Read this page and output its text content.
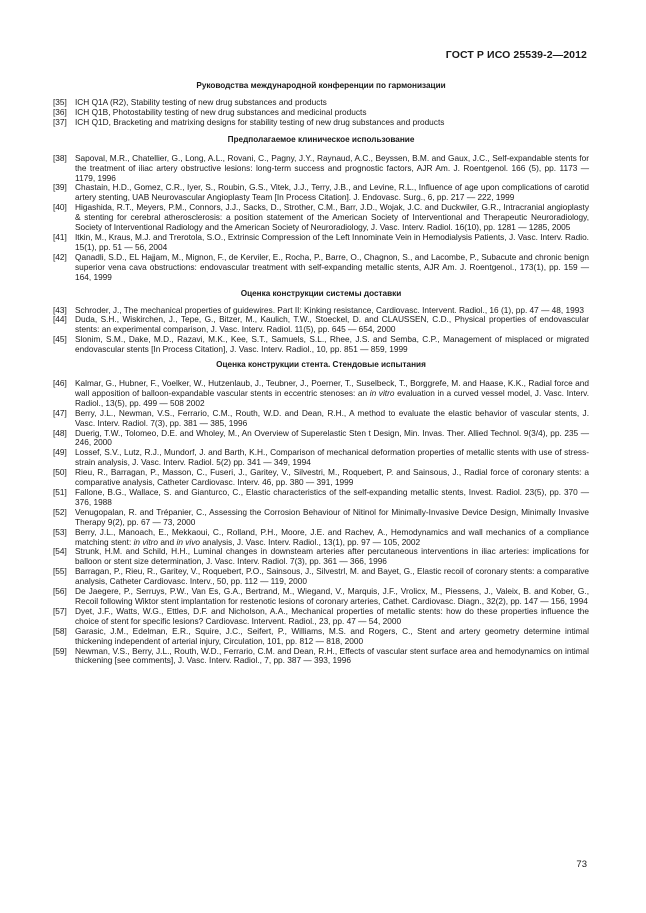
ГОСТ Р ИСО 25539-2—2012

Руководства международной конференции по гармонизации

[35] ICH Q1A (R2), Stability testing of new drug substances and products
[36] ICH Q1B, Photostability testing of new drug substances and medicinal products
[37] ICH Q1D, Bracketing and matrixing designs for stability testing of new drug substances and products

Предполагаемое клиническое использование

[38] Sapoval, M.R., Chatellier, G., Long, A.L., Rovani, C., Pagny, J.Y., Raynaud, A.C., Beyssen, B.M. and Gaux, J.C., Self-expandable stents for the treatment of iliac artery obstructive lesions: long-term success and prognostic factors, AJR Am. J. Roentgenol. 166 (5), pp. 1173 — 1179, 1996
[39] Chastain, H.D., Gomez, C.R., Iyer, S., Roubin, G.S., Vitek, J.J., Terry, J.B., and Levine, R.L., Influence of age upon complications of carotid artery stenting, UAB Neurovascular Angioplasty Team [In Process Citation]. J. Endovasc. Surg., 6, pp. 217 — 222, 1999
[40] Higashida, R.T., Meyers, P.M., Connors, J.J., Sacks, D., Strother, C.M., Barr, J.D., Wojak, J.C. and Duckwiler, G.R., Intracranial angioplasty & stenting for cerebral atherosclerosis: a position statement of the American Society of Interventional and Therapeutic Neuroradiology, Society of Interventional Radiology and the American Society of Neuroradiology, J. Vasc. Interv. Radiol. 16(10), pp. 1281 — 1285, 2005
[41] Itkin, M., Kraus, M.J. and Trerotola, S.O., Extrinsic Compression of the Left Innominate Vein in Hemodialysis Patients, J. Vasc. Interv. Radio. 15(1), pp. 51 — 56, 2004
[42] Qanadli, S.D., EL Hajjam, M., Mignon, F., de Kerviler, E., Rocha, P., Barre, O., Chagnon, S., and Lacombe, P., Subacute and chronic benign superior vena cava obstructions: endovascular treatment with self-expanding metallic stents, AJR Am. J. Roentgenol., 173(1), pp. 159 — 164, 1999

Оценка конструкции системы доставки

[43] Schroder, J., The mechanical properties of guidewires. Part II: Kinking resistance, Cardiovasc. Intervent. Radiol., 16 (1), pp. 47 — 48, 1993
[44] Duda, S.H., Wiskirchen, J., Tepe, G., Bitzer, M., Kaulich, T.W., Stoeckel, D. and CLAUSSEN, C.D., Physical properties of endovascular stents: an experimental comparison, J. Vasc. Interv. Radiol. 11(5), pp. 645 — 654, 2000
[45] Slonim, S.M., Dake, M.D., Razavi, M.K., Kee, S.T., Samuels, S.L., Rhee, J.S. and Semba, C.P., Management of misplaced or migrated endovascular stents [In Process Citation], J. Vasc. Interv. Radiol., 10, pp. 851 — 859, 1999

Оценка конструкции стента. Стендовые испытания

[46] Kalmar, G., Hubner, F., Voelker, W., Hutzenlaub, J., Teubner, J., Poerner, T., Suselbeck, T., Borggrefe, M. and Haase, K.K., Radial force and wall apposition of balloon-expandable vascular stents in eccentric stenoses: an in vitro evaluation in a curved vessel model, J. Vasc. Interv. Radiol., 13(5), pp. 499 — 508 2002
[47] Berry, J.L., Newman, V.S., Ferrario, C.M., Routh, W.D. and Dean, R.H., A method to evaluate the elastic behavior of vascular stents, J. Vasc. Interv. Radiol. 7(3), pp. 381 — 385, 1996
[48] Duerig, T.W., Tolomeo, D.E. and Wholey, M., An Overview of Superelastic Sten t Design, Min. Invas. Ther. Allied Technol. 9(3/4), pp. 235 — 246, 2000
[49] Lossef, S.V., Lutz, R.J., Mundorf, J. and Barth, K.H., Comparison of mechanical deformation properties of metallic stents with use of stress-strain analysis, J. Vasc. Interv. Radiol. 5(2) pp. 341 — 349, 1994
[50] Rieu, R., Barragan, P., Masson, C., Fuseri, J., Garitey, V., Silvestri, M., Roquebert, P. and Sainsous, J., Radial force of coronary stents: a comparative analysis, Catheter Cardiovasc. Interv. 46, pp. 380 — 391, 1999
[51] Fallone, B.G., Wallace, S. and Gianturco, C., Elastic characteristics of the self-expanding metallic stents, Invest. Radiol. 23(5), pp. 370 — 376, 1988
[52] Venugopalan, R. and Trépanier, C., Assessing the Corrosion Behaviour of Nitinol for Minimally-Invasive Device Design, Minimally Invasive Therapy 9(2), pp. 67 — 73, 2000
[53] Berry, J.L., Manoach, E., Mekkaoui, C., Rolland, P.H., Moore, J.E. and Rachev, A., Hemodynamics and wall mechanics of a compliance matching stent: in vitro and in vivo analysis, J. Vasc. Interv. Radiol., 13(1), pp. 97 — 105, 2002
[54] Strunk, H.M. and Schild, H.H., Luminal changes in downsteam arteries after percutaneous interventions in iliac arteries: implications for balloon or stent size determination, J. Vasc. Interv. Radiol. 7(3), pp. 361 — 366, 1996
[55] Barragan, P., Rieu, R., Garitey, V., Roquebert, P.O., Sainsous, J., Silvestrl, M. and Bayet, G., Elastic recoil of coronary stents: a comparative analysis, Catheter Cardiovasc. Interv., 50, pp. 112 — 119, 2000
[56] De Jaegere, P., Serruys, P.W., Van Es, G.A., Bertrand, M., Wiegand, V., Marquis, J.F., Vrolicx, M., Piessens, J., Valeix, B. and Kober, G., Recoil following Wiktor stent implantation for restenotic lesions of coronary arteries, Cathet. Cardiovasc. Diagn., 32(2), pp. 147 — 156, 1994
[57] Dyet, J.F., Watts, W.G., Ettles, D.F. and Nicholson, A.A., Mechanical properties of metallic stents: how do these properties influence the choice of stent for specific lesions? Cardiovasc. Intervent. Radiol., 23, pp. 47 — 54, 2000
[58] Garasic, J.M., Edelman, E.R., Squire, J.C., Seifert, P., Williams, M.S. and Rogers, C., Stent and artery geometry determine intimal thickening independent of arterial injury, Circulation, 101, pp. 812 — 818, 2000
[59] Newman, V.S., Berry, J.L., Routh, W.D., Ferrario, C.M. and Dean, R.H., Effects of vascular stent surface area and hemodynamics on intimal thickening [see comments], J. Vasc. Interv. Radiol., 7, pp. 387 — 393, 1996
73
